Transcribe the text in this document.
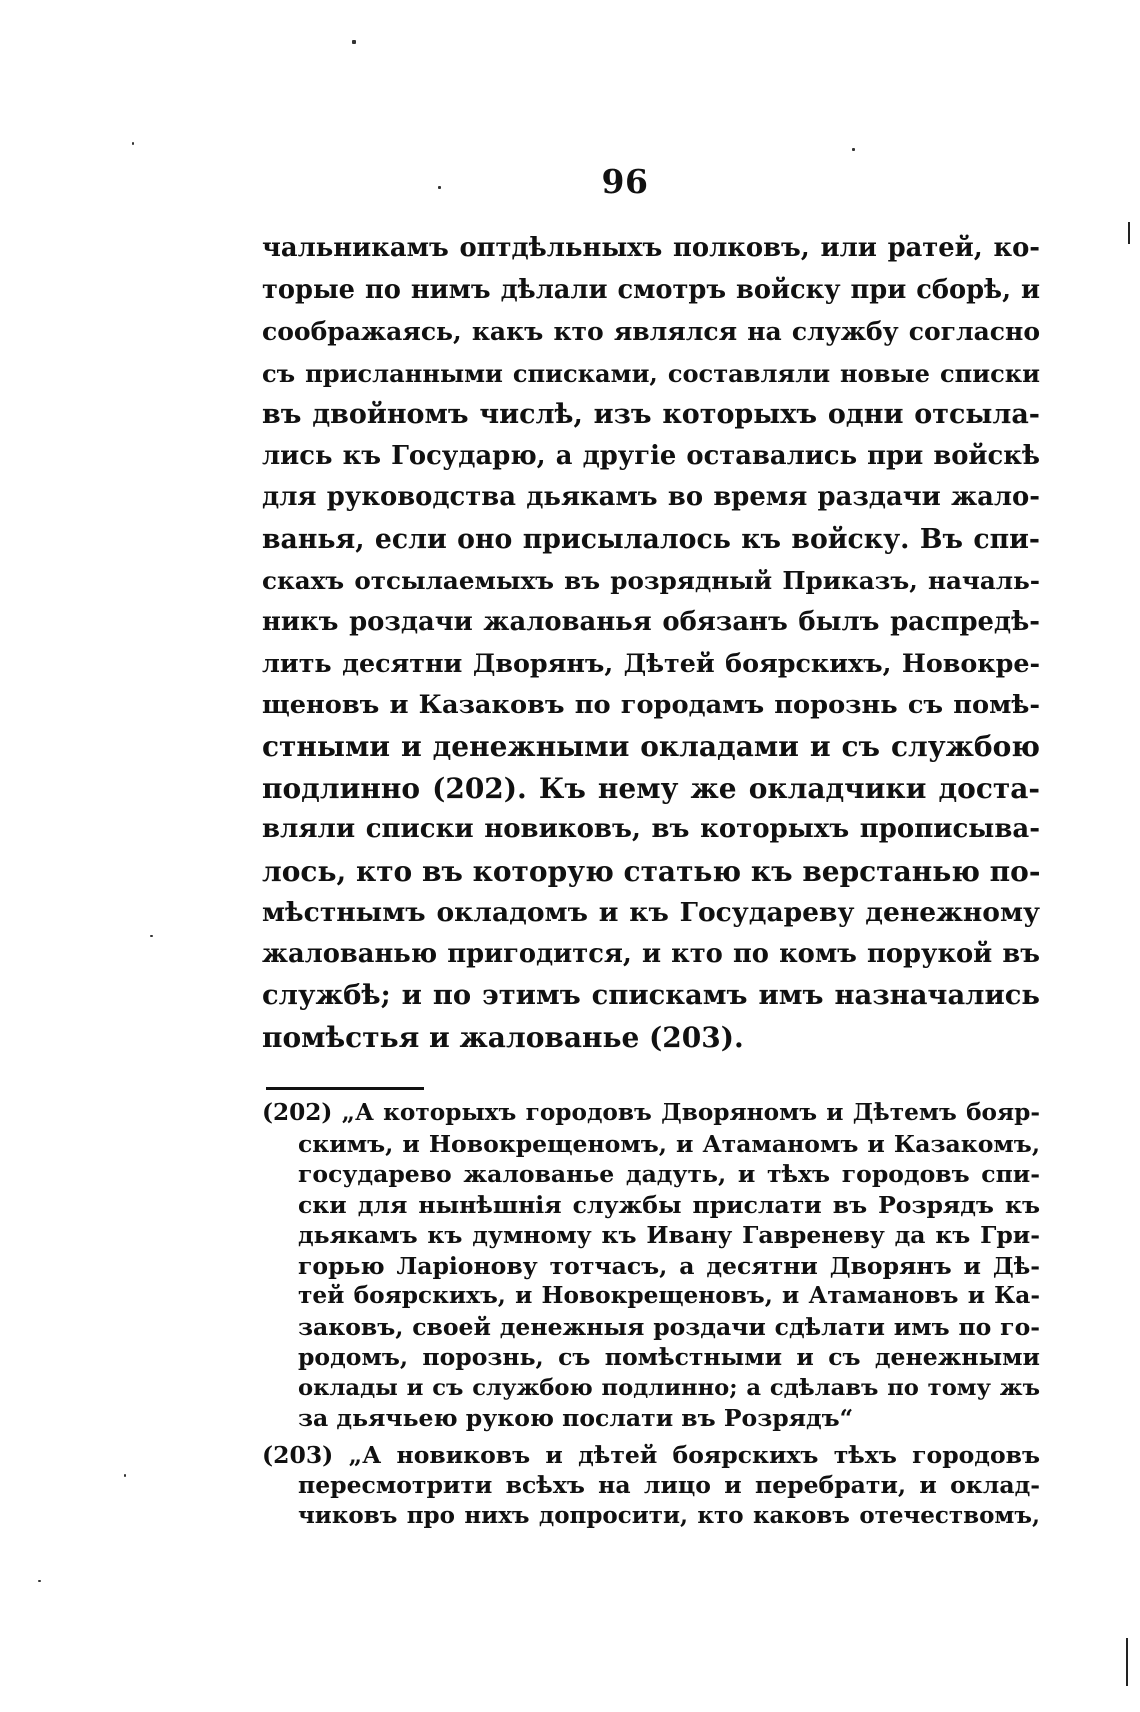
96
чальникамъ оптдѣльныхъ полковъ, или ратей, ко-
торые по нимъ дѣлали смотръ войску при сборѣ, и
соображаясь, какъ кто являлся на службу согласно
съ присланными списками, составляли новые списки
въ двойномъ числѣ, изъ которыхъ одни отсыла-
лись къ Государю, а другіе оставались при войскѣ
для руководства дьякамъ во время раздачи жало-
ванья, если оно присылалось къ войску. Въ спи-
скахъ отсылаемыхъ въ розрядный Приказъ, началь-
никъ роздачи жалованья обязанъ былъ распредѣ-
лить десятни Дворянъ, Дѣтей боярскихъ, Новокре-
щеновъ и Казаковъ по городамъ порознь съ помѣ-
стными и денежными окладами и съ службою
подлинно (202). Къ нему же окладчики доста-
вляли списки новиковъ, въ которыхъ прописыва-
лось, кто въ которую статью къ верстанью по-
мѣстнымъ окладомъ и къ Государеву денежному
жалованью пригодится, и кто по комъ порукой въ
службѣ; и по этимъ спискамъ имъ назначались
помѣстья и жалованье (203).
(202) „А которыхъ городовъ Дворяномъ и Дѣтемъ бояр-
скимъ, и Новокрещеномъ, и Атаманомъ и Казакомъ,
государево жалованье дадуть, и тѣхъ городовъ спи-
ски для нынѣшнія службы прислати въ Розрядъ къ
дьякамъ къ думному къ Ивану Гавреневу да къ Гри-
горью Ларіонову тотчасъ, а десятни Дворянъ и Дѣ-
тей боярскихъ, и Новокрещеновъ, и Атамановъ и Ка-
заковъ, своей денежныя роздачи сдѣлати имъ по го-
родомъ, порознь, съ помѣстными и съ денежными
оклады и съ службою подлинно; а сдѣлавъ по тому жъ
за дьячьею рукою послати въ Розрядъ“
(203) „А новиковъ и дѣтей боярскихъ тѣхъ городовъ
пересмотрити всѣхъ на лицо и перебрати, и оклад-
чиковъ про нихъ допросити, кто каковъ отечествомъ,
